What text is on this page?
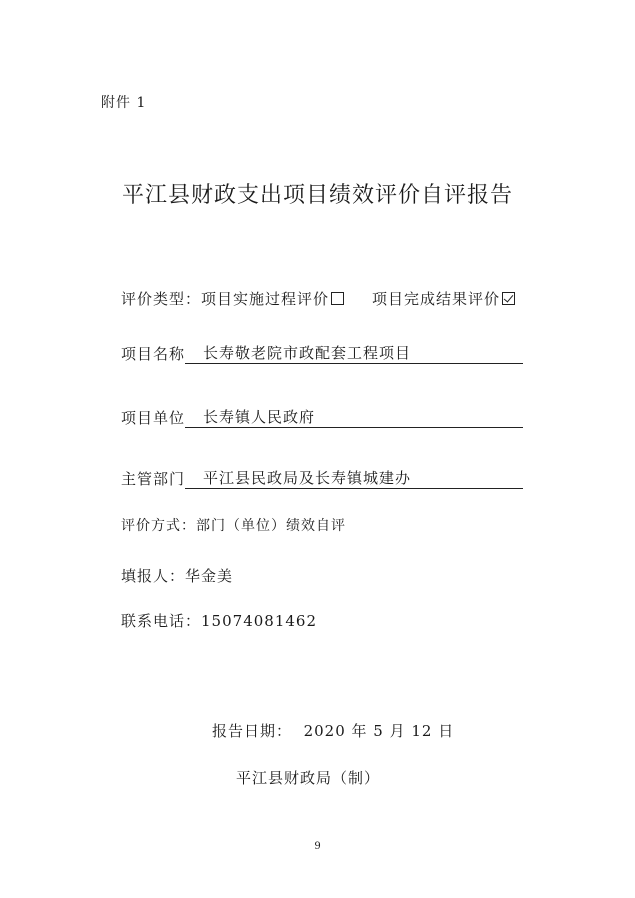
附件 1
平江县财政支出项目绩效评价自评报告
评价类型：项目实施过程评价	项目完成结果评价
项目名称 长寿敬老院市政配套工程项目
项目单位 长寿镇人民政府
主管部门 平江县民政局及长寿镇城建办
评价方式：部门（单位）绩效自评
填报人：华金美
联系电话：15074081462
报告日期： 2020 年 5 月 12 日
平江县财政局（制）
9
